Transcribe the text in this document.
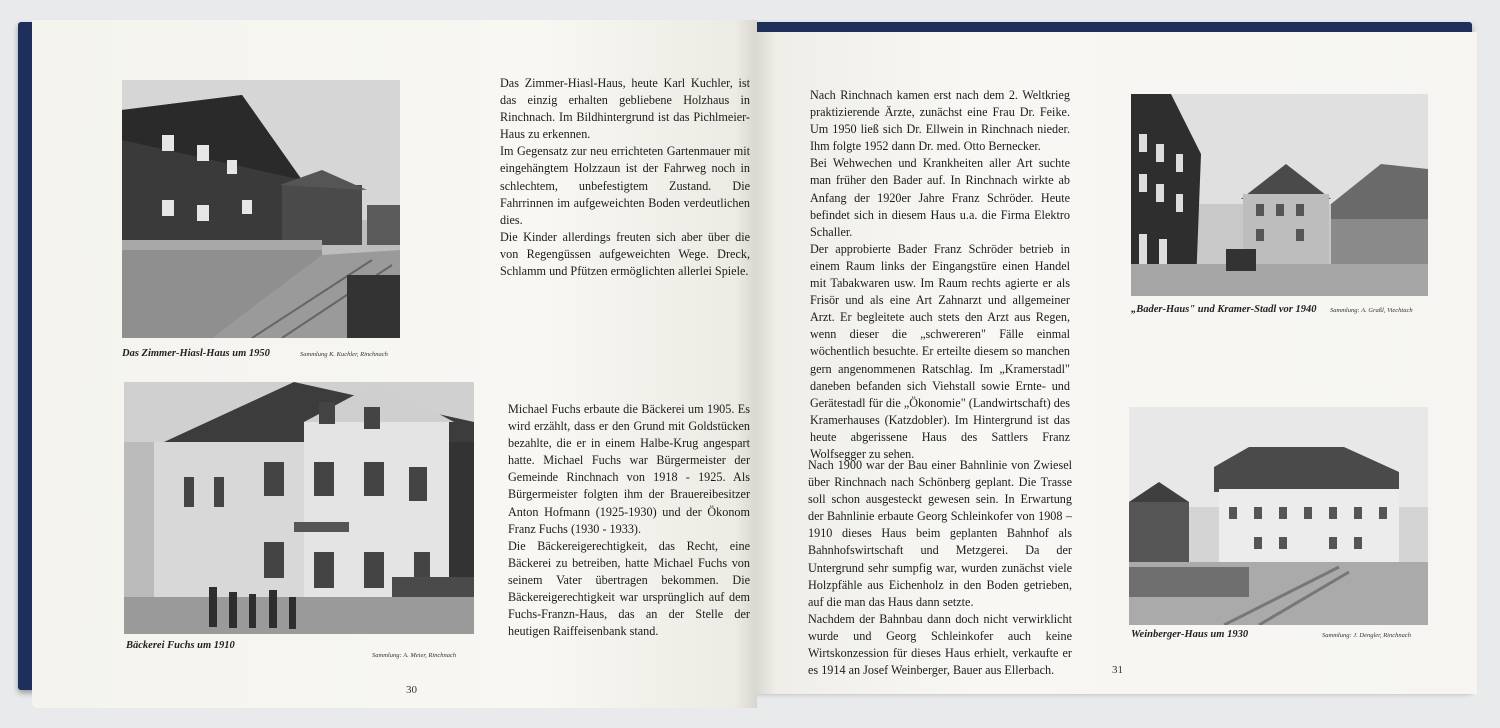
Das Zimmer-Hiasl-Haus um 1950	Sammlung K. Kuchler, Rinchnach

Das Zimmer-Hiasl-Haus, heute Karl Kuchler, ist das einzig erhalten gebliebene Holzhaus in Rinchnach. Im Bildhintergrund ist das Pichlmeier-Haus zu erkennen.

Im Gegensatz zur neu errichteten Gartenmauer mit eingehängtem Holzzaun ist der Fahrweg noch in schlechtem, unbefestigtem Zustand. Die Fahrrinnen im aufgeweichten Boden verdeutlichen dies.

Die Kinder allerdings freuten sich aber über die von Regengüssen aufgeweichten Wege. Dreck, Schlamm und Pfützen ermöglichten allerlei Spiele.

Bäckerei Fuchs um 1910
Sammlung: A. Meier, Rinchnach

Michael Fuchs erbaute die Bäckerei um 1905. Es wird erzählt, dass er den Grund mit Goldstücken bezahlte, die er in einem Halbe-Krug angespart hatte. Michael Fuchs war Bürgermeister der Gemeinde Rinchnach von 1918 - 1925. Als Bürgermeister folgten ihm der Brauereibesitzer Anton Hofmann (1925-1930) und der Ökonom Franz Fuchs (1930 - 1933).

Die Bäckereigerechtigkeit, das Recht, eine Bäckerei zu betreiben, hatte Michael Fuchs von seinem Vater übertragen bekommen. Die Bäckereigerechtigkeit war ursprünglich auf dem Fuchs-Franzn-Haus, das an der Stelle der heutigen Raiffeisenbank stand.

30

Nach Rinchnach kamen erst nach dem 2. Weltkrieg praktizierende Ärzte, zunächst eine Frau Dr. Feike. Um 1950 ließ sich Dr. Ellwein in Rinchnach nieder. Ihm folgte 1952 dann Dr. med. Otto Bernecker.

Bei Wehwechen und Krankheiten aller Art suchte man früher den Bader auf. In Rinchnach wirkte ab Anfang der 1920er Jahre Franz Schröder. Heute befindet sich in diesem Haus u.a. die Firma Elektro Schaller.

Der approbierte Bader Franz Schröder betrieb in einem Raum links der Eingangstüre einen Handel mit Tabakwaren usw. Im Raum rechts agierte er als Frisör und als eine Art Zahnarzt und allgemeiner Arzt. Er begleitete auch stets den Arzt aus Regen, wenn dieser die „schwereren" Fälle einmal wöchentlich besuchte. Er erteilte diesem so manchen gern angenommenen Ratschlag. Im „Kramerstadl" daneben befanden sich Viehstall sowie Ernte- und Gerätestadl für die „Ökonomie" (Landwirtschaft) des Kramerhauses (Katzdobler). Im Hintergrund ist das heute abgerissene Haus des Sattlers Franz Wolfsegger zu sehen.

„Bader-Haus" und Kramer-Stadl vor 1940 Sammlung: A. Graßl, Viechtach
Weinberger-Haus um 1930	Sammlung: J. Dengler, Rinchnach

Nach 1900 war der Bau einer Bahnlinie von Zwiesel über Rinchnach nach Schönberg geplant. Die Trasse soll schon ausgesteckt gewesen sein. In Erwartung der Bahnlinie erbaute Georg Schleinkofer von 1908 – 1910 dieses Haus beim geplanten Bahnhof als Bahnhofswirtschaft und Metzgerei. Da der Untergrund sehr sumpfig war, wurden zunächst viele Holzpfähle aus Eichenholz in den Boden getrieben, auf die man das Haus dann setzte.

Nachdem der Bahnbau dann doch nicht verwirklicht wurde und Georg Schleinkofer auch keine Wirtskonzession für dieses Haus erhielt, verkaufte er es 1914 an Josef Weinberger, Bauer aus Ellerbach.	31
